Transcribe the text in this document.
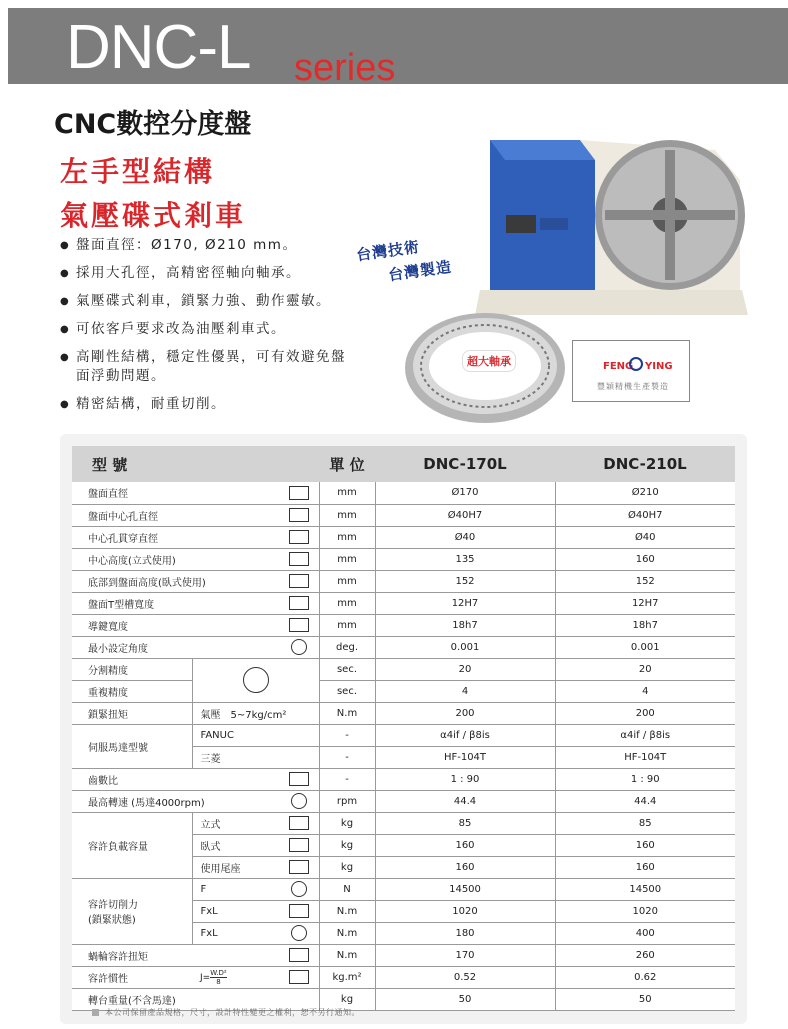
DNC-L series
CNC數控分度盤
左手型結構
氣壓碟式剎車
● 盤面直徑：Ø170, Ø210 mm。
● 採用大孔徑，高精密徑軸向軸承。
● 氣壓碟式剎車，鎖緊力強、動作靈敏。
● 可依客戶要求改為油壓剎車式。
● 高剛性結構，穩定性優異，可有效避免盤面浮動問題。
● 精密結構，耐重切削。
台灣技術
台灣製造
超大軸承	FENG YING
豐穎精機生產製造
型 號			單 位	DNC-170L	DNC-210L
盤面直徑			mm	Ø170	Ø210
盤面中心孔直徑			mm	Ø40H7	Ø40H7
中心孔貫穿直徑			mm	Ø40	Ø40
中心高度(立式使用)			mm	135	160
底部到盤面高度(臥式使用)			mm	152	152
盤面T型槽寬度			mm	12H7	12H7
導鍵寬度			mm	18h7	18h7
最小設定角度			deg.	0.001	0.001
分割精度			sec.	20	20
重複精度			sec.	4	4
鎖緊扭矩	氣壓　5~7kg/cm²		N.m	200	200
伺服馬達型號	FANUC		-	α4if / β8is	α4if / β8is
	三菱		-	HF-104T	HF-104T
齒數比			-	1 : 90	1 : 90
最高轉速 (馬達4000rpm)			rpm	44.4	44.4
容許負載容量	立式		kg	85	85
	臥式		kg	160	160
	使用尾座		kg	160	160
容許切削力
(鎖緊狀態)	F		N	14500	14500
	FxL		N.m	1020	1020
	FxL		N.m	180	400
蝸輪容許扭矩			N.m	170	260
容許慣性	$J= \frac{\text{W.D²}}{8}$		kg.m²	0.52	0.62
轉台重量(不含馬達)			kg	50	50
本公司保留產品規格，尺寸，設計特性變更之權利，恕不另行通知。
